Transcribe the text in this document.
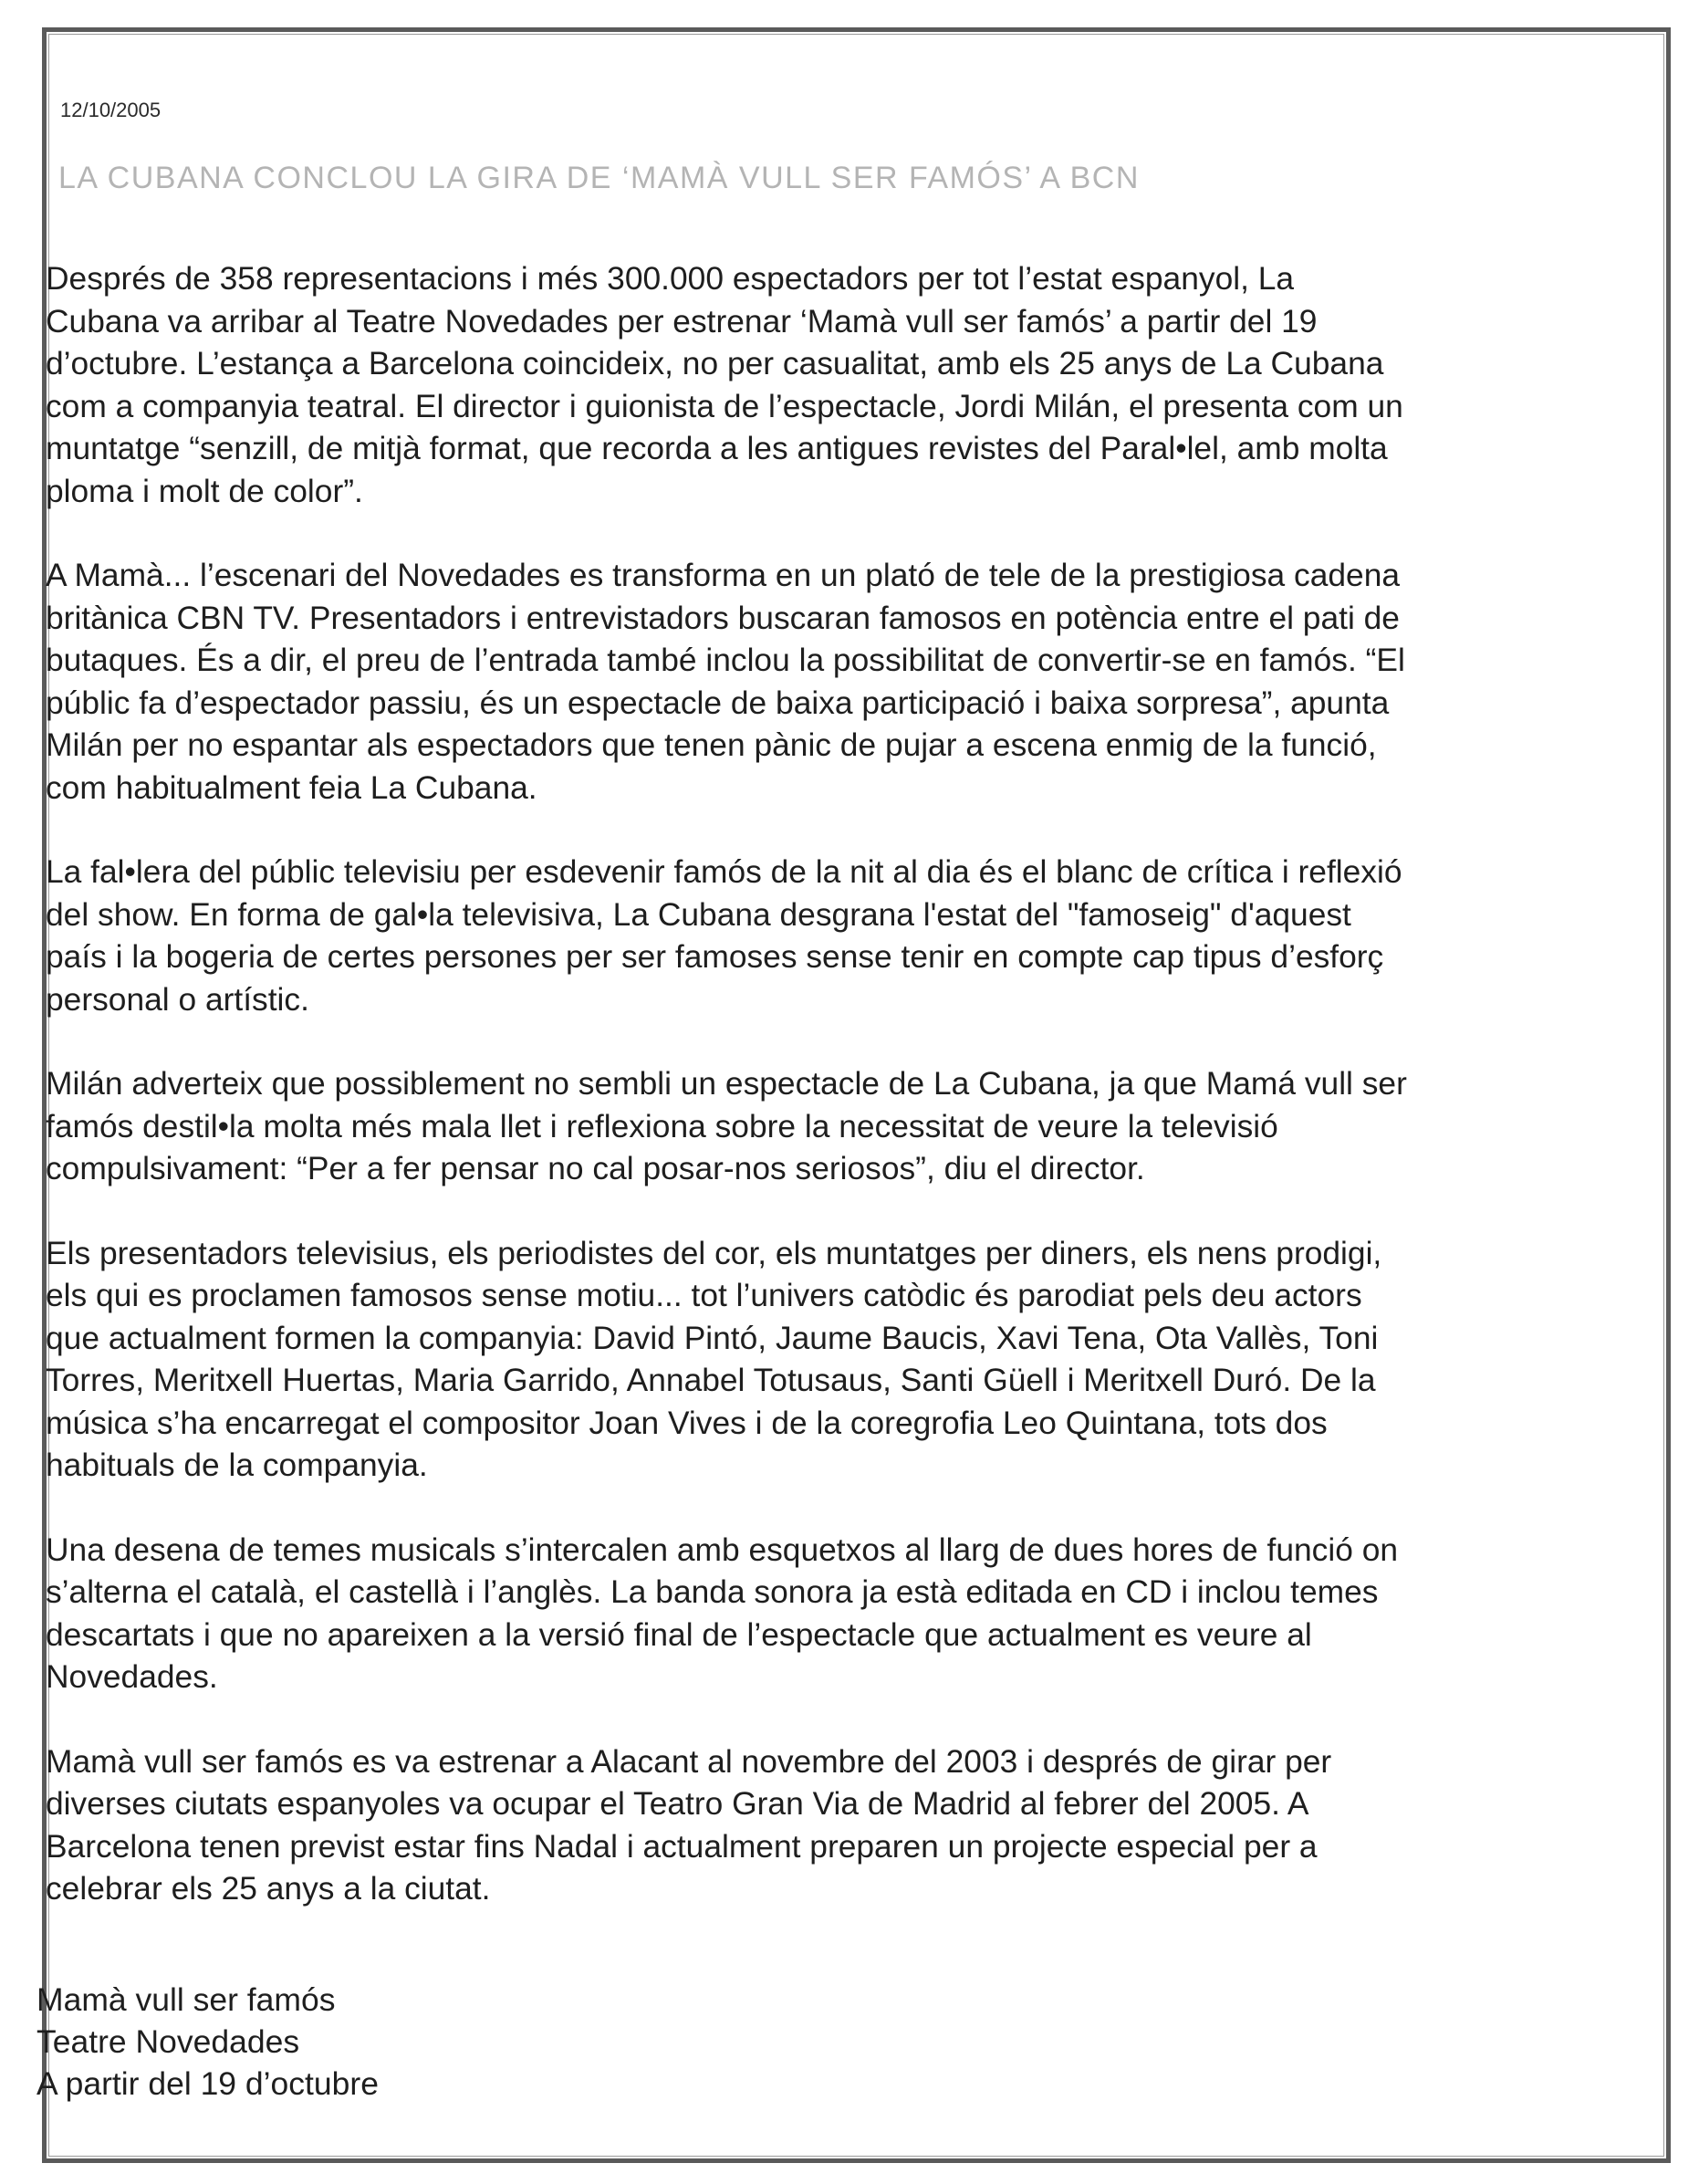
12/10/2005
LA CUBANA CONCLOU LA GIRA DE ‘MAMÀ VULL SER FAMÓS’ A BCN

Després de 358 representacions i més 300.000 espectadors per tot l’estat espanyol, La
Cubana va arribar al Teatre Novedades per estrenar ‘Mamà vull ser famós’ a partir del 19
d’octubre. L’estança a Barcelona coincideix, no per casualitat, amb els 25 anys de La Cubana
com a companyia teatral. El director i guionista de l’espectacle, Jordi Milán, el presenta com un
muntatge “senzill, de mitjà format, que recorda a les antigues revistes del Paral•lel, amb molta
ploma i molt de color”.

A Mamà... l’escenari del Novedades es transforma en un plató de tele de la prestigiosa cadena
britànica CBN TV. Presentadors i entrevistadors buscaran famosos en potència entre el pati de
butaques. És a dir, el preu de l’entrada també inclou la possibilitat de convertir-se en famós. “El
públic fa d’espectador passiu, és un espectacle de baixa participació i baixa sorpresa”, apunta
Milán per no espantar als espectadors que tenen pànic de pujar a escena enmig de la funció,
com habitualment feia La Cubana.

La fal•lera del públic televisiu per esdevenir famós de la nit al dia és el blanc de crítica i reflexió
del show. En forma de gal•la televisiva, La Cubana desgrana l'estat del "famoseig" d'aquest
país i la bogeria de certes persones per ser famoses sense tenir en compte cap tipus d’esforç
personal o artístic.

Milán adverteix que possiblement no sembli un espectacle de La Cubana, ja que Mamá vull ser
famós destil•la molta més mala llet i reflexiona sobre la necessitat de veure la televisió
compulsivament: “Per a fer pensar no cal posar-nos seriosos”, diu el director.

Els presentadors televisius, els periodistes del cor, els muntatges per diners, els nens prodigi,
els qui es proclamen famosos sense motiu... tot l’univers catòdic és parodiat pels deu actors
que actualment formen la companyia: David Pintó, Jaume Baucis, Xavi Tena, Ota Vallès, Toni
Torres, Meritxell Huertas, Maria Garrido, Annabel Totusaus, Santi Güell i Meritxell Duró. De la
música s’ha encarregat el compositor Joan Vives i de la coregrofia Leo Quintana, tots dos
habituals de la companyia.

Una desena de temes musicals s’intercalen amb esquetxos al llarg de dues hores de funció on
s’alterna el català, el castellà i l’anglès. La banda sonora ja està editada en CD i inclou temes
descartats i que no apareixen a la versió final de l’espectacle que actualment es veure al
Novedades.

Mamà vull ser famós es va estrenar a Alacant al novembre del 2003 i després de girar per
diverses ciutats espanyoles va ocupar el Teatro Gran Via de Madrid al febrer del 2005. A
Barcelona tenen previst estar fins Nadal i actualment preparen un projecte especial per a
celebrar els 25 anys a la ciutat.

Mamà vull ser famós
Teatre Novedades
A partir del 19 d’octubre
